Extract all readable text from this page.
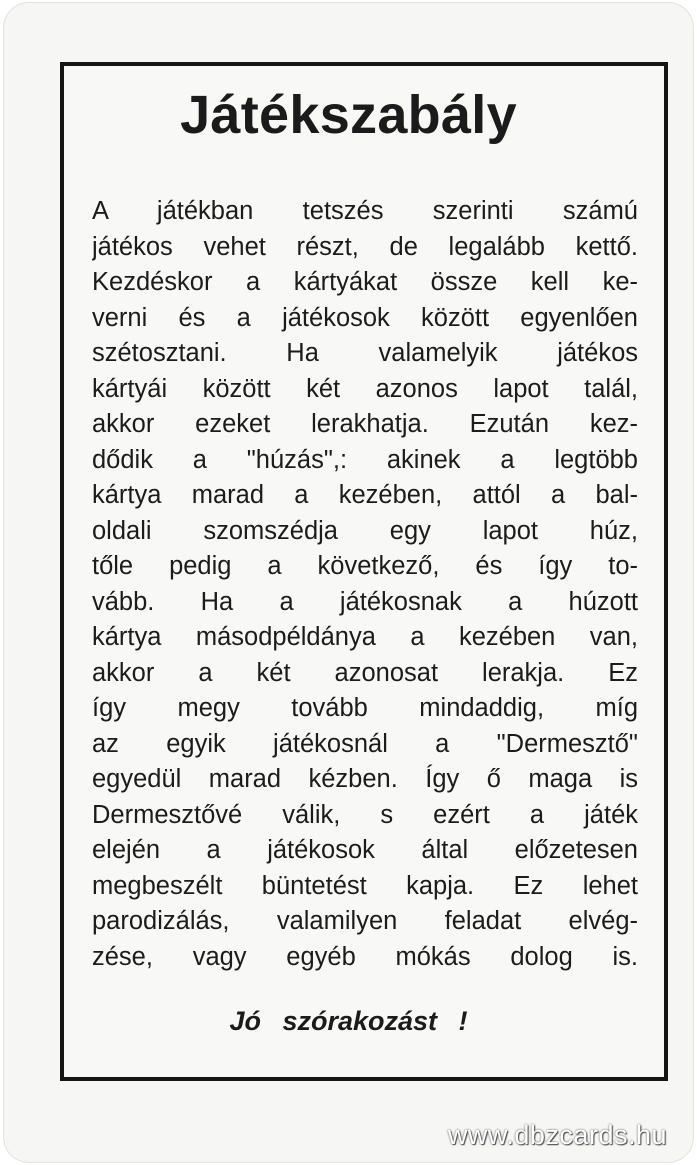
Játékszabály
A játékban tetszés szerinti számú
játékos vehet részt, de legalább kettő.
Kezdéskor a kártyákat össze kell ke-
verni és a játékosok között egyenlően
szétosztani. Ha valamelyik játékos
kártyái között két azonos lapot talál,
akkor ezeket lerakhatja. Ezután kez-
dődik a "húzás",: akinek a legtöbb
kártya marad a kezében, attól a bal-
oldali szomszédja egy lapot húz,
tőle pedig a következő, és így to-
vább. Ha a játékosnak a húzott
kártya másodpéldánya a kezében van,
akkor a két azonosat lerakja. Ez
így megy tovább mindaddig, míg
az egyik játékosnál a "Dermesztő"
egyedül marad kézben. Így ő maga is
Dermesztővé válik, s ezért a játék
elején a játékosok által előzetesen
megbeszélt büntetést kapja. Ez lehet
parodizálás, valamilyen feladat elvég-
zése, vagy egyéb mókás dolog is.
Jó szórakozást !
www.dbzcards.hu
